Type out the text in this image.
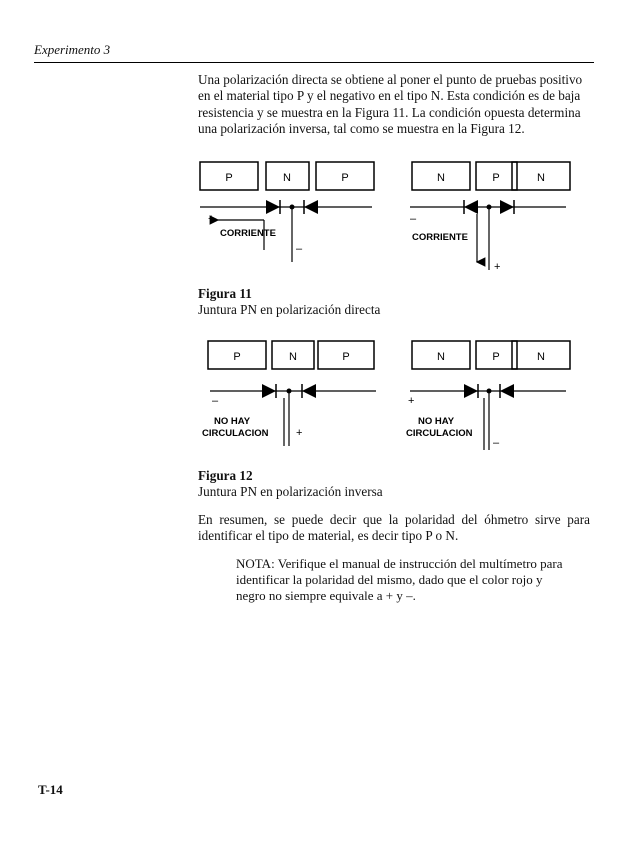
Experimento 3
Una polarización directa se obtiene al poner el punto de pruebas positivo en el material tipo P y el negativo en el tipo N. Esta condición es de baja resistencia y se muestra en la Figura 11. La condición opuesta determina una polarización inversa, tal como se muestra en la Figura 12.
P	N	P
+
CORRIENTE
–
N	P	N
–
CORRIENTE
+
P	N	P
–
NO HAY
CIRCULACION	+
N	P	N
+
NO HAY
CIRCULACION
–
Figura 11
Juntura PN en polarización directa
Figura 12
Juntura PN en polarización inversa
En resumen, se puede decir que la polaridad del óhmetro sirve para identificar el tipo de material, es decir tipo P o N.
NOTA: Verifique el manual de instrucción del multímetro para identificar la polaridad del mismo, dado que el color rojo y negro no siempre equivale a + y –.
T-14
